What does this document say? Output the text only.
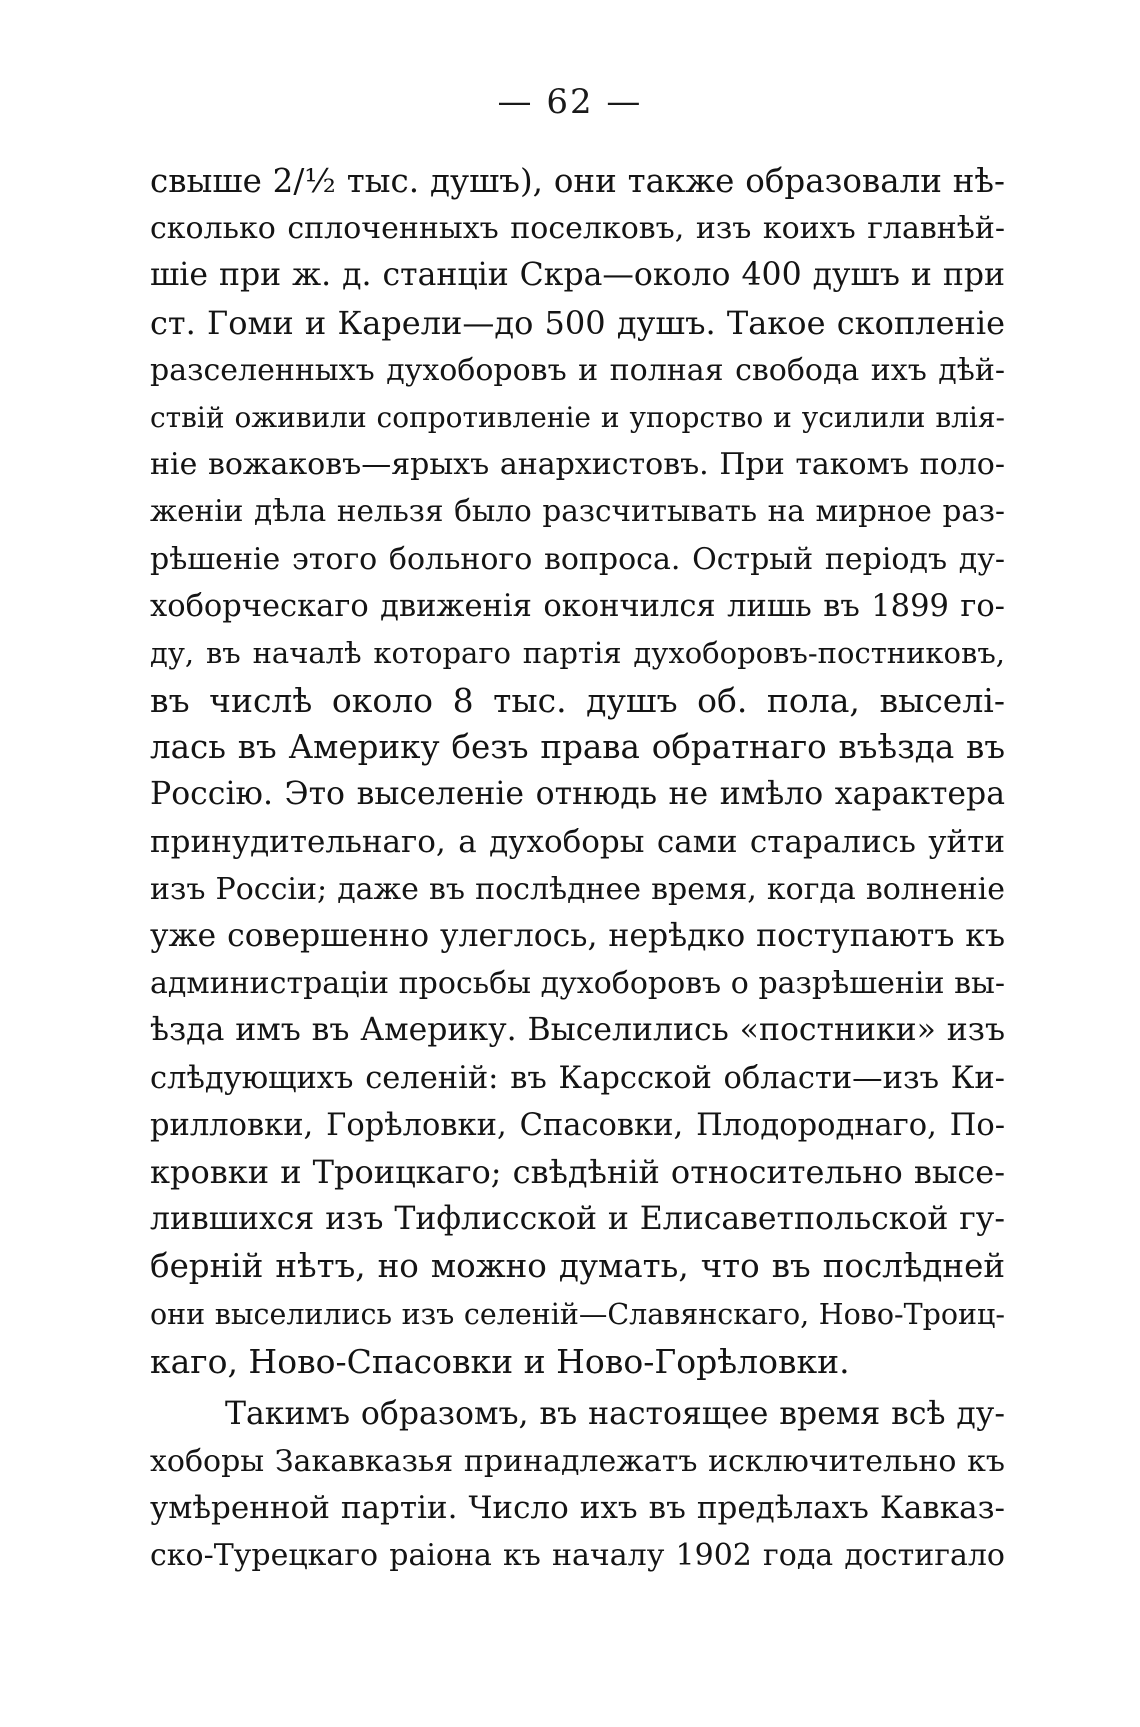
— 62 —
свыше 2/½ тыс. душъ), они также образовали нѣ-
сколько сплоченныхъ поселковъ, изъ коихъ главнѣй-
шіе при ж. д. станціи Скра—около 400 душъ и при
ст. Гоми и Карели—до 500 душъ. Такое скопленіе
разселенныхъ духоборовъ и полная свобода ихъ дѣй-
ствій оживили сопротивленіе и упорство и усилили влія-
ніе вожаковъ—ярыхъ анархистовъ. При такомъ поло-
женіи дѣла нельзя было разсчитывать на мирное раз-
рѣшеніе этого больного вопроса. Острый періодъ ду-
хоборческаго движенія окончился лишь въ 1899 го-
ду, въ началѣ котораго партія духоборовъ-постниковъ,
въ числѣ около 8 тыс. душъ об. пола, выселі-
лась въ Америку безъ права обратнаго въѣзда въ
Россію. Это выселеніе отнюдь не имѣло характера
принудительнаго, а духоборы сами старались уйти
изъ Россіи; даже въ послѣднее время, когда волненіе
уже совершенно улеглось, нерѣдко поступаютъ къ
администраціи просьбы духоборовъ о разрѣшеніи вы-
ѣзда имъ въ Америку. Выселились «постники» изъ
слѣдующихъ селеній: въ Карсской области—изъ Ки-
рилловки, Горѣловки, Спасовки, Плодороднаго, По-
кровки и Троицкаго; свѣдѣній относительно высе-
лившихся изъ Тифлисской и Елисаветпольской гу-
берній нѣтъ, но можно думать, что въ послѣдней
они выселились изъ селеній—Славянскаго, Ново-Троиц-
каго, Ново-Спасовки и Ново-Горѣловки.
Такимъ образомъ, въ настоящее время всѣ ду-
хоборы Закавказья принадлежатъ исключительно къ
умѣренной партіи. Число ихъ въ предѣлахъ Кавказ-
ско-Турецкаго раіона къ началу 1902 года достигало
